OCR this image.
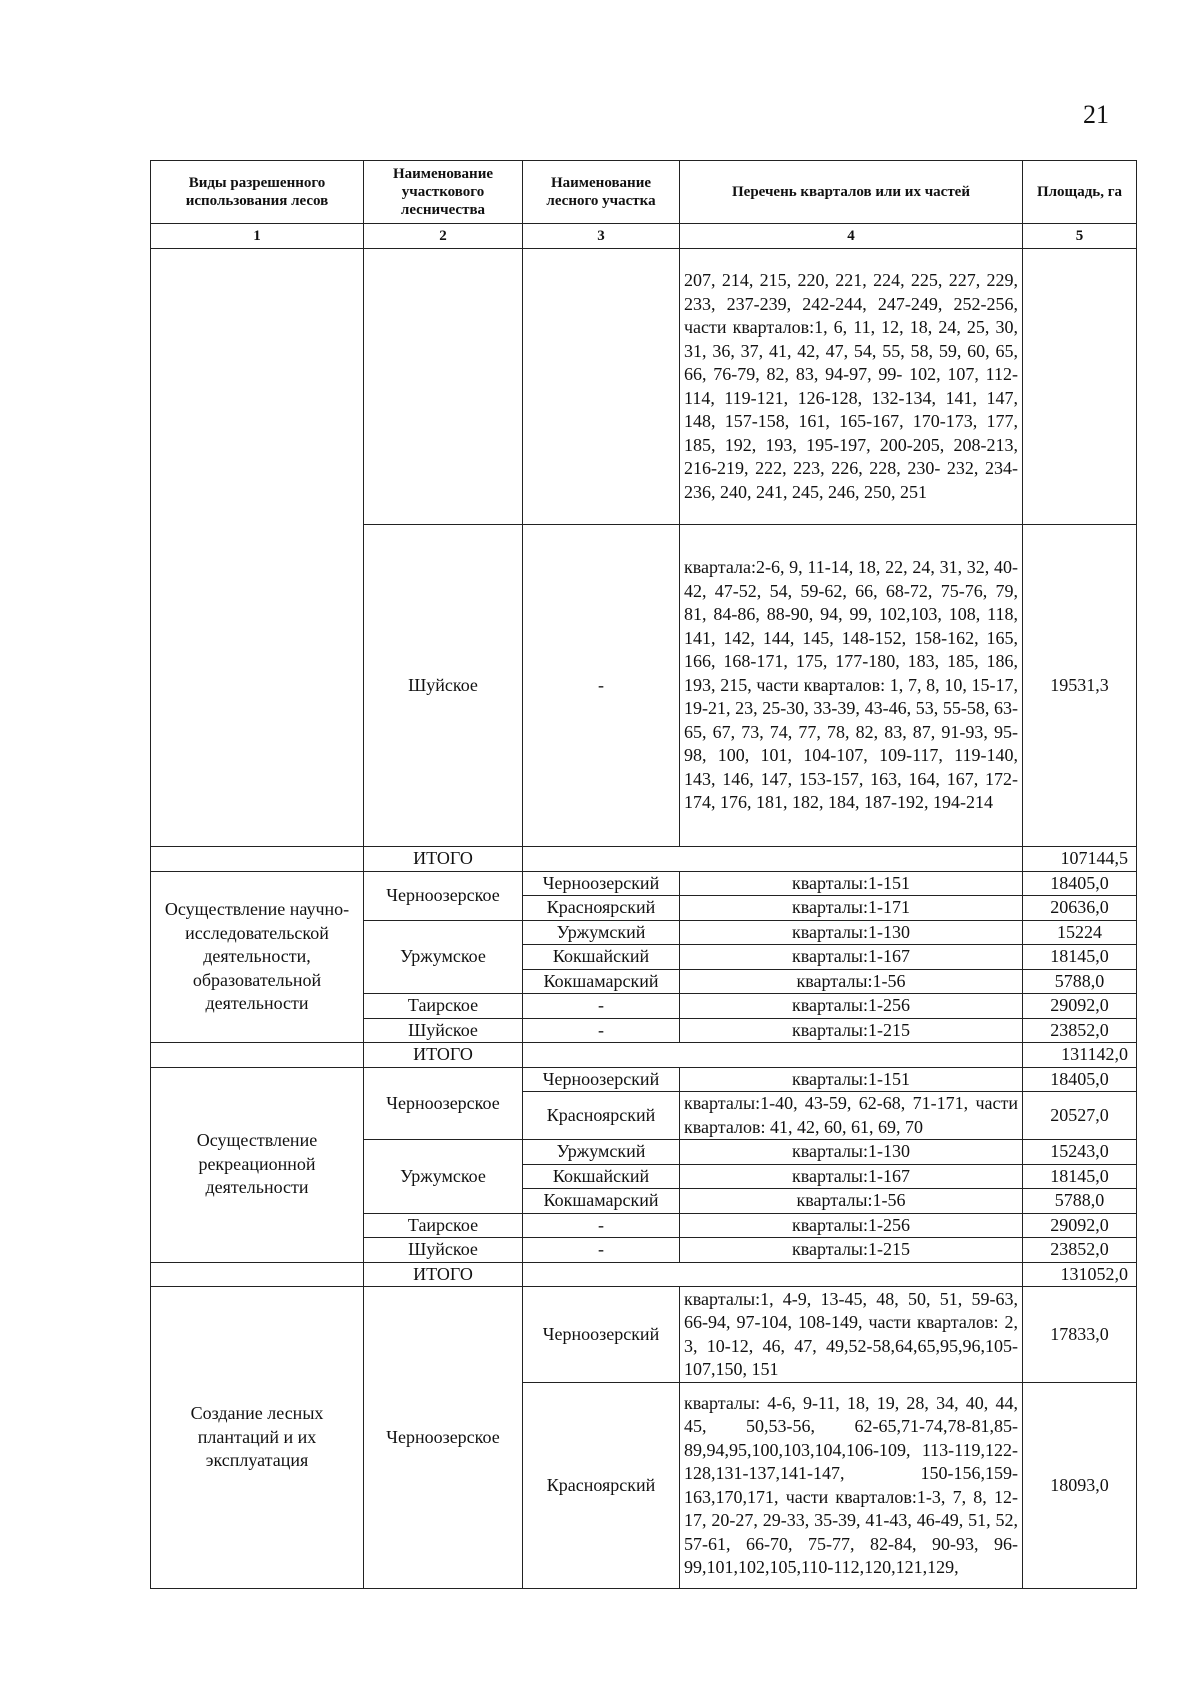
21
Виды разрешенного использования лесов	Наименование участкового лесничества	Наименование лесного участка	Перечень кварталов или их частей	Площадь, га
1	2	3	4	5
			207, 214, 215, 220, 221, 224, 225, 227, 229, 233, 237-239, 242-244, 247-249, 252-256, части кварталов:1, 6, 11, 12, 18, 24, 25, 30, 31, 36, 37, 41, 42, 47, 54, 55, 58, 59, 60, 65, 66, 76-79, 82, 83, 94-97, 99- 102, 107, 112-114, 119-121, 126-128, 132-134, 141, 147, 148, 157-158, 161, 165-167, 170-173, 177, 185, 192, 193, 195-197, 200-205, 208-213, 216-219, 222, 223, 226, 228, 230- 232, 234-236, 240, 241, 245, 246, 250, 251	
	Шуйское	-	квартала:2-6, 9, 11-14, 18, 22, 24, 31, 32, 40-42, 47-52, 54, 59-62, 66, 68-72, 75-76, 79, 81, 84-86, 88-90, 94, 99, 102,103, 108, 118, 141, 142, 144, 145, 148-152, 158-162, 165, 166, 168-171, 175, 177-180, 183, 185, 186, 193, 215, части кварталов: 1, 7, 8, 10, 15-17, 19-21, 23, 25-30, 33-39, 43-46, 53, 55-58, 63-65, 67, 73, 74, 77, 78, 82, 83, 87, 91-93, 95- 98, 100, 101, 104-107, 109-117, 119-140, 143, 146, 147, 153-157, 163, 164, 167, 172- 174, 176, 181, 182, 184, 187-192, 194-214	19531,3
	ИТОГО			107144,5
Осуществление научно-исследовательской деятельности, образовательной деятельности	Черноозерское	Черноозерский	кварталы:1-151	18405,0
		Красноярский	кварталы:1-171	20636,0
	Уржумское	Уржумский	кварталы:1-130	15224
		Кокшайский	кварталы:1-167	18145,0
		Кокшамарский	кварталы:1-56	5788,0
	Таирское	-	кварталы:1-256	29092,0
	Шуйское	-	кварталы:1-215	23852,0
	ИТОГО			131142,0
Осуществление рекреационной деятельности	Черноозерское	Черноозерский	кварталы:1-151	18405,0
		Красноярский	кварталы:1-40, 43-59, 62-68, 71-171, части кварталов: 41, 42, 60, 61, 69, 70	20527,0
	Уржумское	Уржумский	кварталы:1-130	15243,0
		Кокшайский	кварталы:1-167	18145,0
		Кокшамарский	кварталы:1-56	5788,0
	Таирское	-	кварталы:1-256	29092,0
	Шуйское	-	кварталы:1-215	23852,0
	ИТОГО			131052,0
Создание лесных плантаций и их эксплуатация	Черноозерское	Черноозерский	кварталы:1, 4-9, 13-45, 48, 50, 51, 59-63, 66-94, 97-104, 108-149, части кварталов: 2, 3, 10-12, 46, 47, 49,52-58,64,65,95,96,105-107,150, 151	17833,0
		Красноярский	кварталы: 4-6, 9-11, 18, 19, 28, 34, 40, 44, 45, 50,53-56, 62-65,71-74,78-81,85-89,94,95,100,103,104,106-109, 113-119,122-128,131-137,141-147, 150-156,159-163,170,171, части кварталов:1-3, 7, 8, 12-17, 20-27, 29-33, 35-39, 41-43, 46-49, 51, 52, 57-61, 66-70, 75-77, 82-84, 90-93, 96-99,101,102,105,110-112,120,121,129,	18093,0
